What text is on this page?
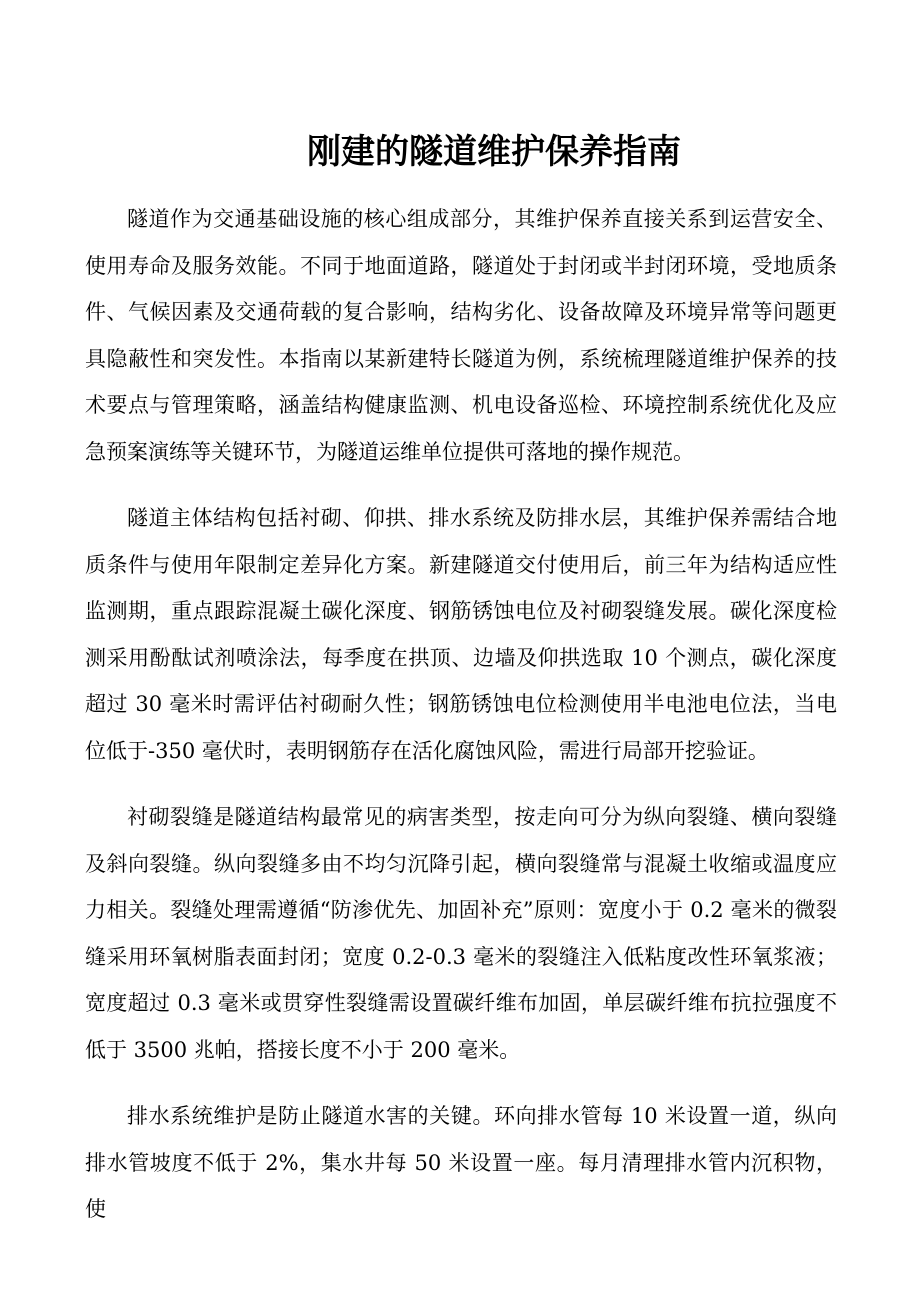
刚建的隧道维护保养指南

隧道作为交通基础设施的核心组成部分，其维护保养直接关系到运营安全、使用寿命及服务效能。不同于地面道路，隧道处于封闭或半封闭环境，受地质条件、气候因素及交通荷载的复合影响，结构劣化、设备故障及环境异常等问题更具隐蔽性和突发性。本指南以某新建特长隧道为例，系统梳理隧道维护保养的技术要点与管理策略，涵盖结构健康监测、机电设备巡检、环境控制系统优化及应急预案演练等关键环节，为隧道运维单位提供可落地的操作规范。

隧道主体结构包括衬砌、仰拱、排水系统及防排水层，其维护保养需结合地质条件与使用年限制定差异化方案。新建隧道交付使用后，前三年为结构适应性监测期，重点跟踪混凝土碳化深度、钢筋锈蚀电位及衬砌裂缝发展。碳化深度检测采用酚酞试剂喷涂法，每季度在拱顶、边墙及仰拱选取 10 个测点，碳化深度超过 30 毫米时需评估衬砌耐久性；钢筋锈蚀电位检测使用半电池电位法，当电位低于-350 毫伏时，表明钢筋存在活化腐蚀风险，需进行局部开挖验证。

衬砌裂缝是隧道结构最常见的病害类型，按走向可分为纵向裂缝、横向裂缝及斜向裂缝。纵向裂缝多由不均匀沉降引起，横向裂缝常与混凝土收缩或温度应力相关。裂缝处理需遵循“防渗优先、加固补充”原则：宽度小于 0.2 毫米的微裂缝采用环氧树脂表面封闭；宽度 0.2-0.3 毫米的裂缝注入低粘度改性环氧浆液；宽度超过 0.3 毫米或贯穿性裂缝需设置碳纤维布加固，单层碳纤维布抗拉强度不低于 3500 兆帕，搭接长度不小于 200 毫米。

排水系统维护是防止隧道水害的关键。环向排水管每 10 米设置一道，纵向排水管坡度不低于 2%，集水井每 50 米设置一座。每月清理排水管内沉积物，使
